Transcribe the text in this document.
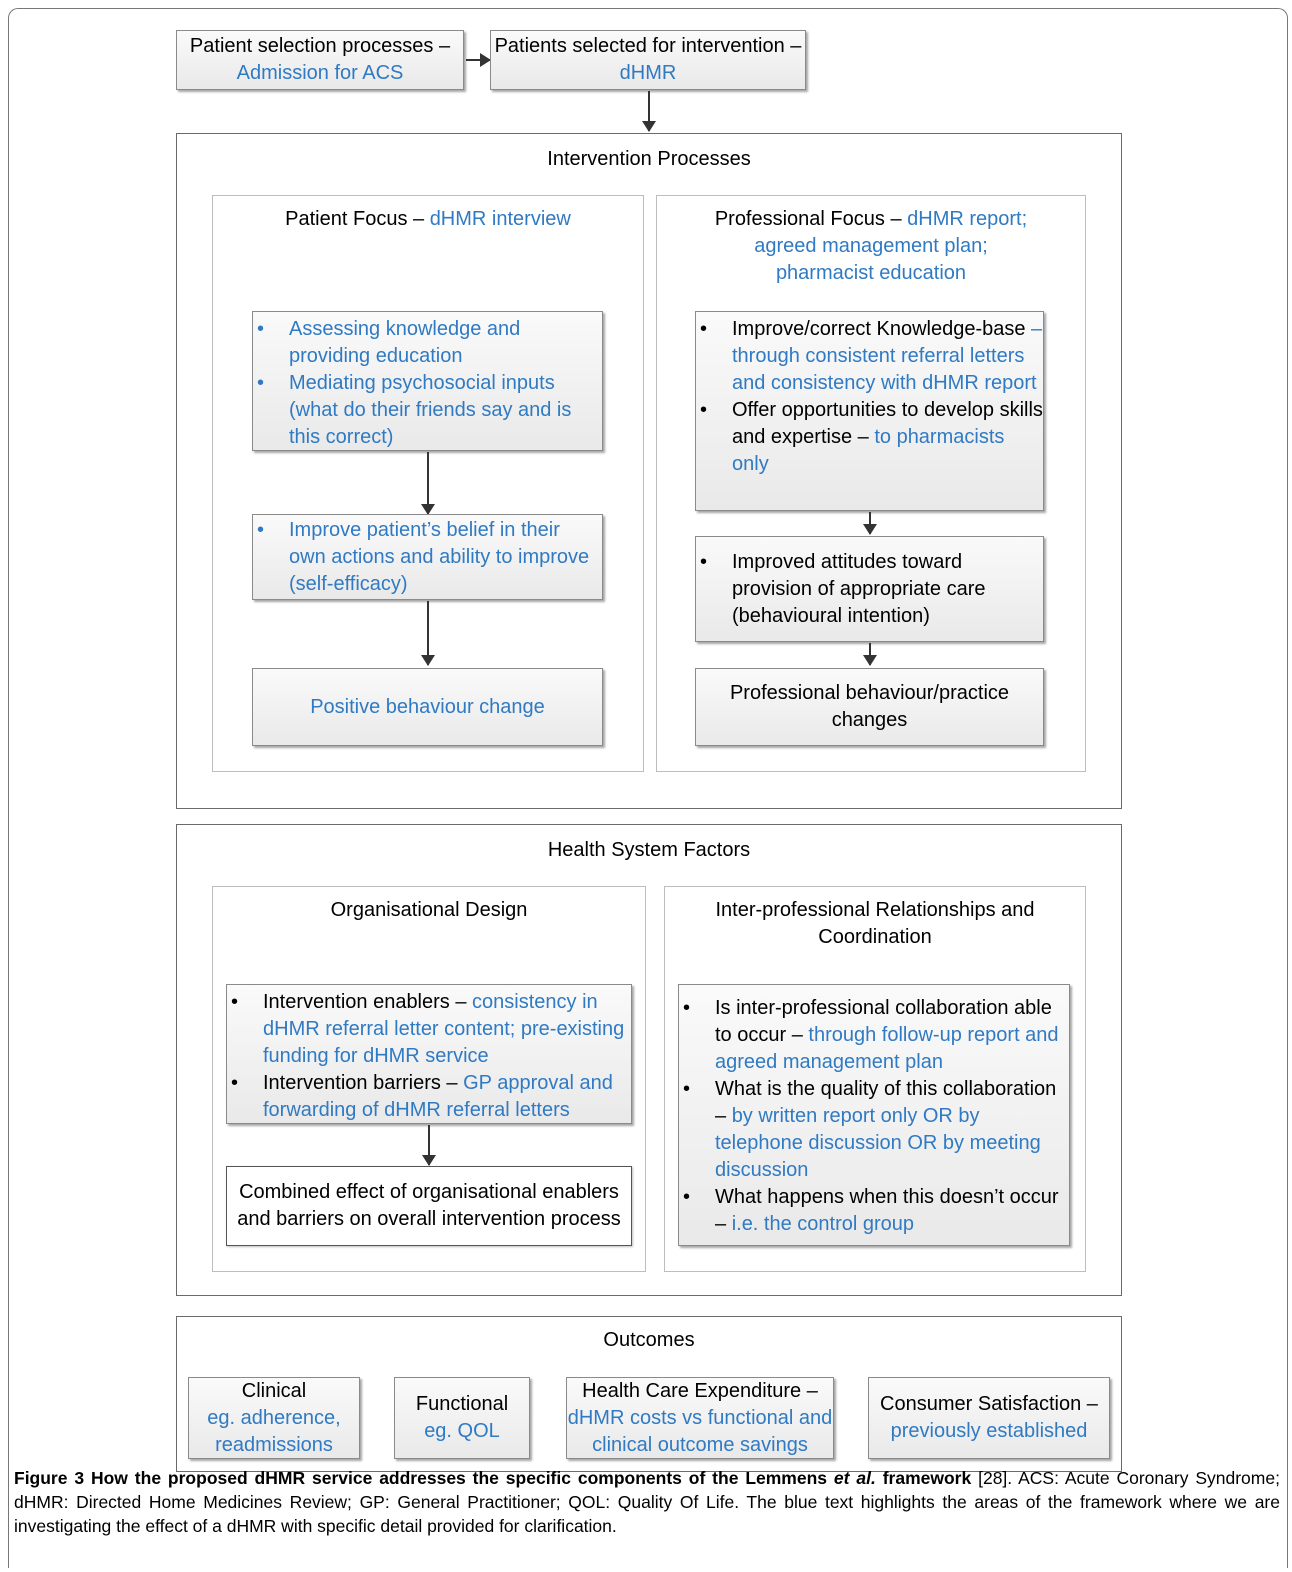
Patient selection processes –
Admission for ACS
Patients selected for intervention –
dHMR
Intervention Processes
Patient Focus – dHMR interview
• Assessing knowledge and providing education
• Mediating psychosocial inputs (what do their friends say and is this correct)
• Improve patient’s belief in their own actions and ability to improve (self-efficacy)
Positive behaviour change
Professional Focus – dHMR report;
agreed management plan;
pharmacist education
• Improve/correct Knowledge-base – through consistent referral letters and consistency with dHMR report
• Offer opportunities to develop skills and expertise – to pharmacists only
• Improved attitudes toward provision of appropriate care (behavioural intention)
Professional behaviour/practice changes
Health System Factors
Organisational Design
• Intervention enablers – consistency in dHMR referral letter content; pre-existing funding for dHMR service
• Intervention barriers – GP approval and forwarding of dHMR referral letters
Combined effect of organisational enablers and barriers on overall intervention process
Inter-professional Relationships and Coordination
• Is inter-professional collaboration able to occur – through follow-up report and agreed management plan
• What is the quality of this collaboration – by written report only OR by telephone discussion OR by meeting discussion
• What happens when this doesn’t occur – i.e. the control group
Outcomes
Clinical
eg. adherence, readmissions
Functional
eg. QOL
Health Care Expenditure –
dHMR costs vs functional and clinical outcome savings
Consumer Satisfaction –
previously established
Figure 3 How the proposed dHMR service addresses the specific components of the Lemmens et al. framework [28]. ACS: Acute Coronary Syndrome; dHMR: Directed Home Medicines Review; GP: General Practitioner; QOL: Quality Of Life. The blue text highlights the areas of the framework where we are investigating the effect of a dHMR with specific detail provided for clarification.
